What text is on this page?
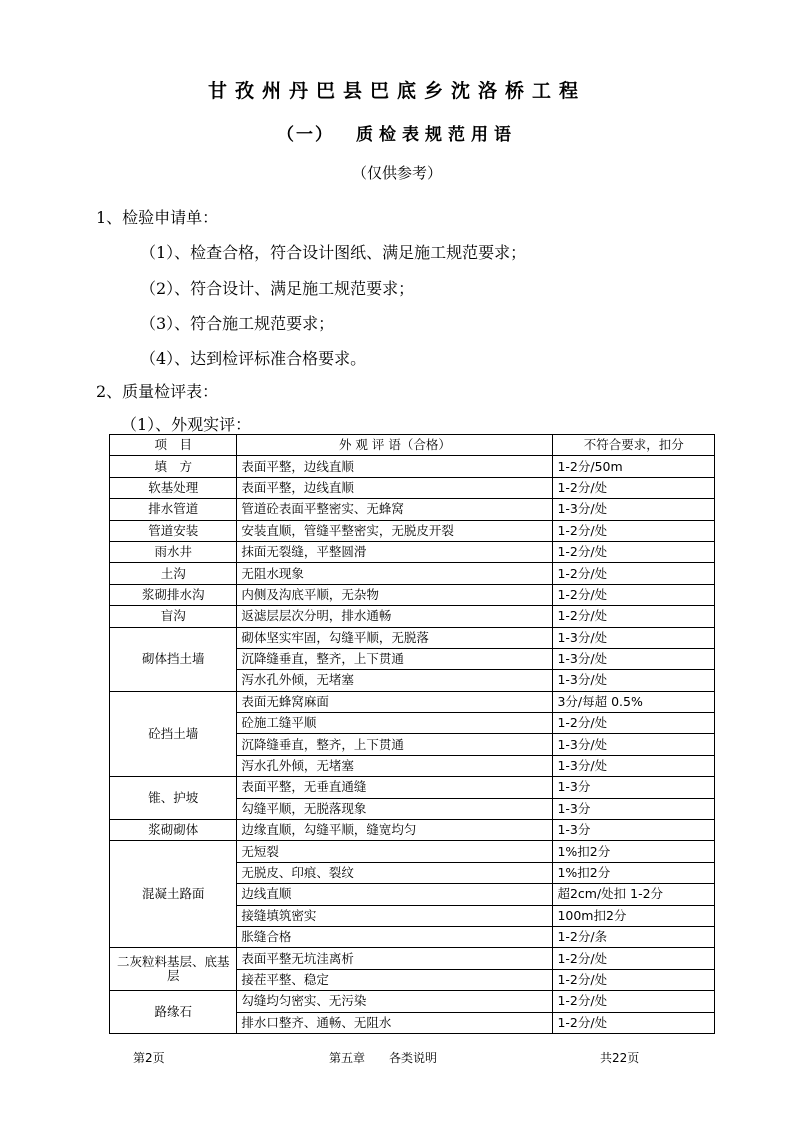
甘孜州丹巴县巴底乡沈洛桥工程
（一） 质检表规范用语
（仅供参考）
1、检验申请单：
（1）、检查合格，符合设计图纸、满足施工规范要求；
（2）、符合设计、满足施工规范要求；
（3）、符合施工规范要求；
（4）、达到检评标准合格要求。
2、质量检评表：
（1）、外观实评：
项　目	外 观 评 语（合格）	不符合要求，扣分
填　方	表面平整，边线直顺	1-2分/50m
软基处理	表面平整，边线直顺	1-2分/处
排水管道	管道砼表面平整密实、无蜂窝	1-3分/处
管道安装	安装直顺，管缝平整密实，无脱皮开裂	1-2分/处
雨水井	抹面无裂缝，平整圆滑	1-2分/处
土沟	无阻水现象	1-2分/处
浆砌排水沟	内侧及沟底平顺，无杂物	1-2分/处
盲沟	返滤层层次分明，排水通畅	1-2分/处
砌体挡土墙	砌体坚实牢固，勾缝平顺，无脱落	1-3分/处
	沉降缝垂直，整齐，上下贯通	1-3分/处
	泻水孔外倾，无堵塞	1-3分/处
砼挡土墙	表面无蜂窝麻面	3分/每超 0.5%
	砼施工缝平顺	1-2分/处
	沉降缝垂直，整齐，上下贯通	1-3分/处
	泻水孔外倾，无堵塞	1-3分/处
锥、护坡	表面平整，无垂直通缝	1-3分
	勾缝平顺，无脱落现象	1-3分
浆砌砌体	边缘直顺，勾缝平顺，缝宽均匀	1-3分
混凝土路面	无短裂	1%扣2分
	无脱皮、印痕、裂纹	1%扣2分
	边线直顺	超2cm/处扣 1-2分
	接缝填筑密实	100m扣2分
	胀缝合格	1-2分/条
二灰粒料基层、底基层	表面平整无坑洼离析	1-2分/处
	接茬平整、稳定	1-2分/处
路缘石	勾缝均匀密实、无污染	1-2分/处
	排水口整齐、通畅、无阻水	1-2分/处
第2页	第五章　　各类说明	共22页
